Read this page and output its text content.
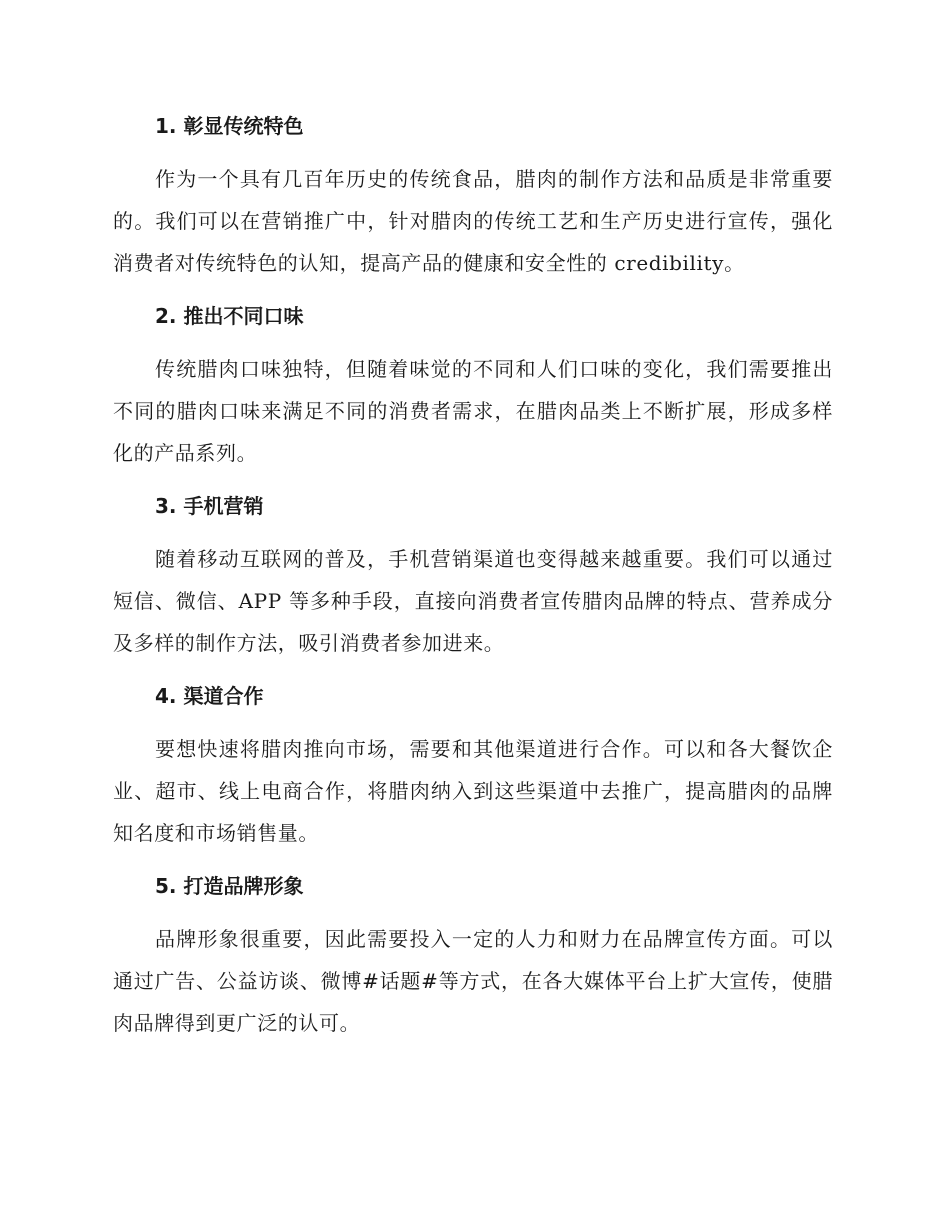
1. 彰显传统特色

作为一个具有几百年历史的传统食品，腊肉的制作方法和品质是非常重要的。我们可以在营销推广中，针对腊肉的传统工艺和生产历史进行宣传，强化消费者对传统特色的认知，提高产品的健康和安全性的 credibility。

2. 推出不同口味

传统腊肉口味独特，但随着味觉的不同和人们口味的变化，我们需要推出不同的腊肉口味来满足不同的消费者需求，在腊肉品类上不断扩展，形成多样化的产品系列。

3. 手机营销

随着移动互联网的普及，手机营销渠道也变得越来越重要。我们可以通过短信、微信、APP 等多种手段，直接向消费者宣传腊肉品牌的特点、营养成分及多样的制作方法，吸引消费者参加进来。

4. 渠道合作

要想快速将腊肉推向市场，需要和其他渠道进行合作。可以和各大餐饮企业、超市、线上电商合作，将腊肉纳入到这些渠道中去推广，提高腊肉的品牌知名度和市场销售量。

5. 打造品牌形象

品牌形象很重要，因此需要投入一定的人力和财力在品牌宣传方面。可以通过广告、公益访谈、微博#话题#等方式，在各大媒体平台上扩大宣传，使腊肉品牌得到更广泛的认可。
